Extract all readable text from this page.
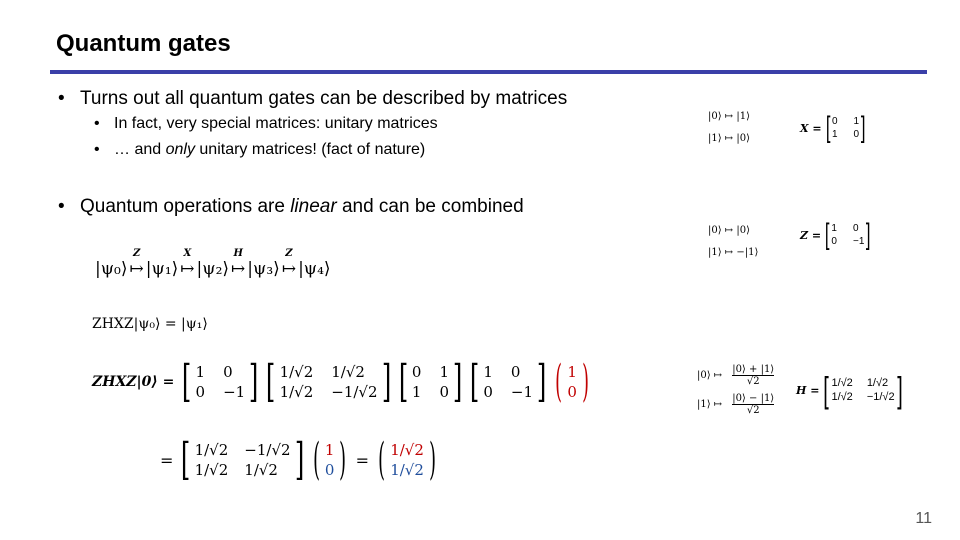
Quantum gates
• Turns out all quantum gates can be described by matrices
• In fact, very special matrices: unitary matrices
• … and only unitary matrices! (fact of nature)
• Quantum operations are linear and can be combined
|ψ₀⟩
Z
↦ |ψ₁⟩
X
↦ |ψ₂⟩
H
↦ |ψ₃⟩
Z
↦ |ψ₄⟩
ZHXZ|ψ₀⟩ = |ψ₁⟩
ZHXZ|0⟩ = [ 1 0
0 −1 ] [ 1/√2 1/√2
1/√2 −1/√2 ] [ 0 1
1 0 ] [ 1 0
0 −1 ] ( 1
0 )
= [ 1/√2 −1/√2
1/√2 1/√2 ] ( 1
0 ) = ( 1/√2
1/√2 )
|0⟩ ↦ |1⟩
|1⟩ ↦ |0⟩
X = [ 0 1
1 0 ]
|0⟩ ↦ |0⟩
|1⟩ ↦ −|1⟩
Z = [ 1 0
0 −1 ]
|0⟩ ↦
|0⟩ + |1⟩
√2
|1⟩ ↦
|0⟩ − |1⟩
√2
H = [ 1/√2 1/√2
1/√2 −1/√2 ]
11
